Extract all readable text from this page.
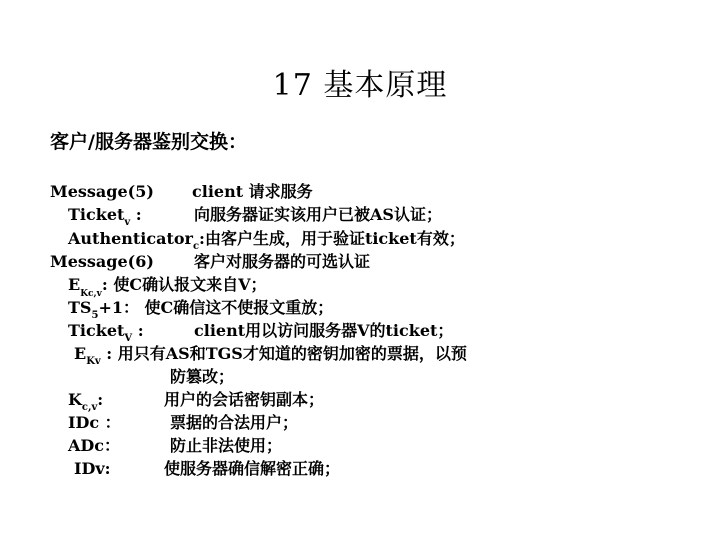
17 基本原理
客户/服务器鉴别交换：
Message(5) client 请求服务
Ticket$_v$ :	向服务器证实该用户已被AS认证；
Authenticator$_c$:由客户生成，用于验证ticket有效；
Message(6)	客户对服务器的可选认证
$E_{Kc,v}$: 使C确认报文来自V；
$TS_5+1$： 使C确信这不使报文重放；
Ticket$_V$ :	client用以访问服务器V的ticket；
$E_{Kv}$ : 用只有AS和TGS才知道的密钥加密的票据，以预
防篡改；
$K_{c,v}$:	用户的会话密钥副本；
IDc ：	票据的合法用户；
ADc：	防止非法使用；
IDv:	使服务器确信解密正确；
